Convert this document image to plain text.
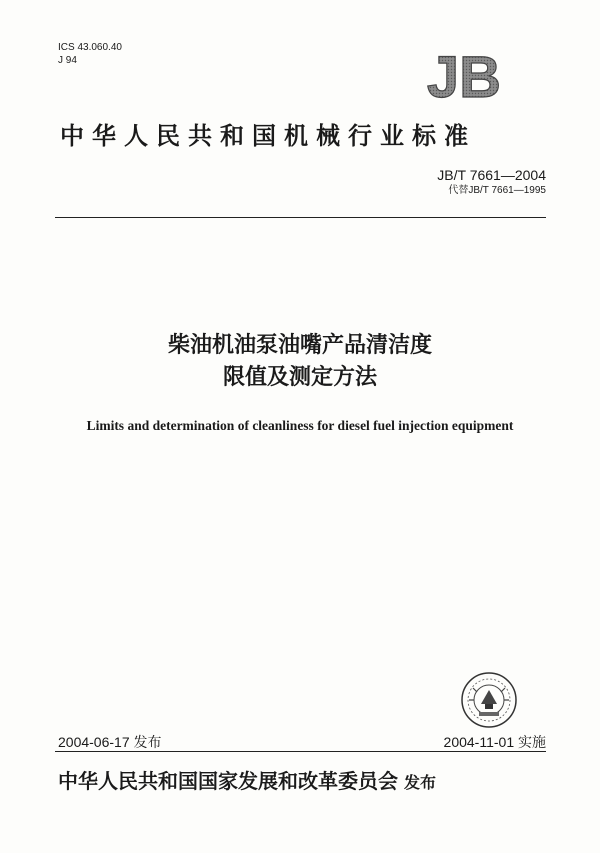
ICS 43.060.40
J 94	JB
中华人民共和国机械行业标准
JB/T 7661—2004
代替JB/T 7661—1995
柴油机油泵油嘴产品清洁度
限值及测定方法
Limits and determination of cleanliness for diesel fuel injection equipment
2004-06-17 发布	2004-11-01 实施
中华人民共和国国家发展和改革委员会 发布
